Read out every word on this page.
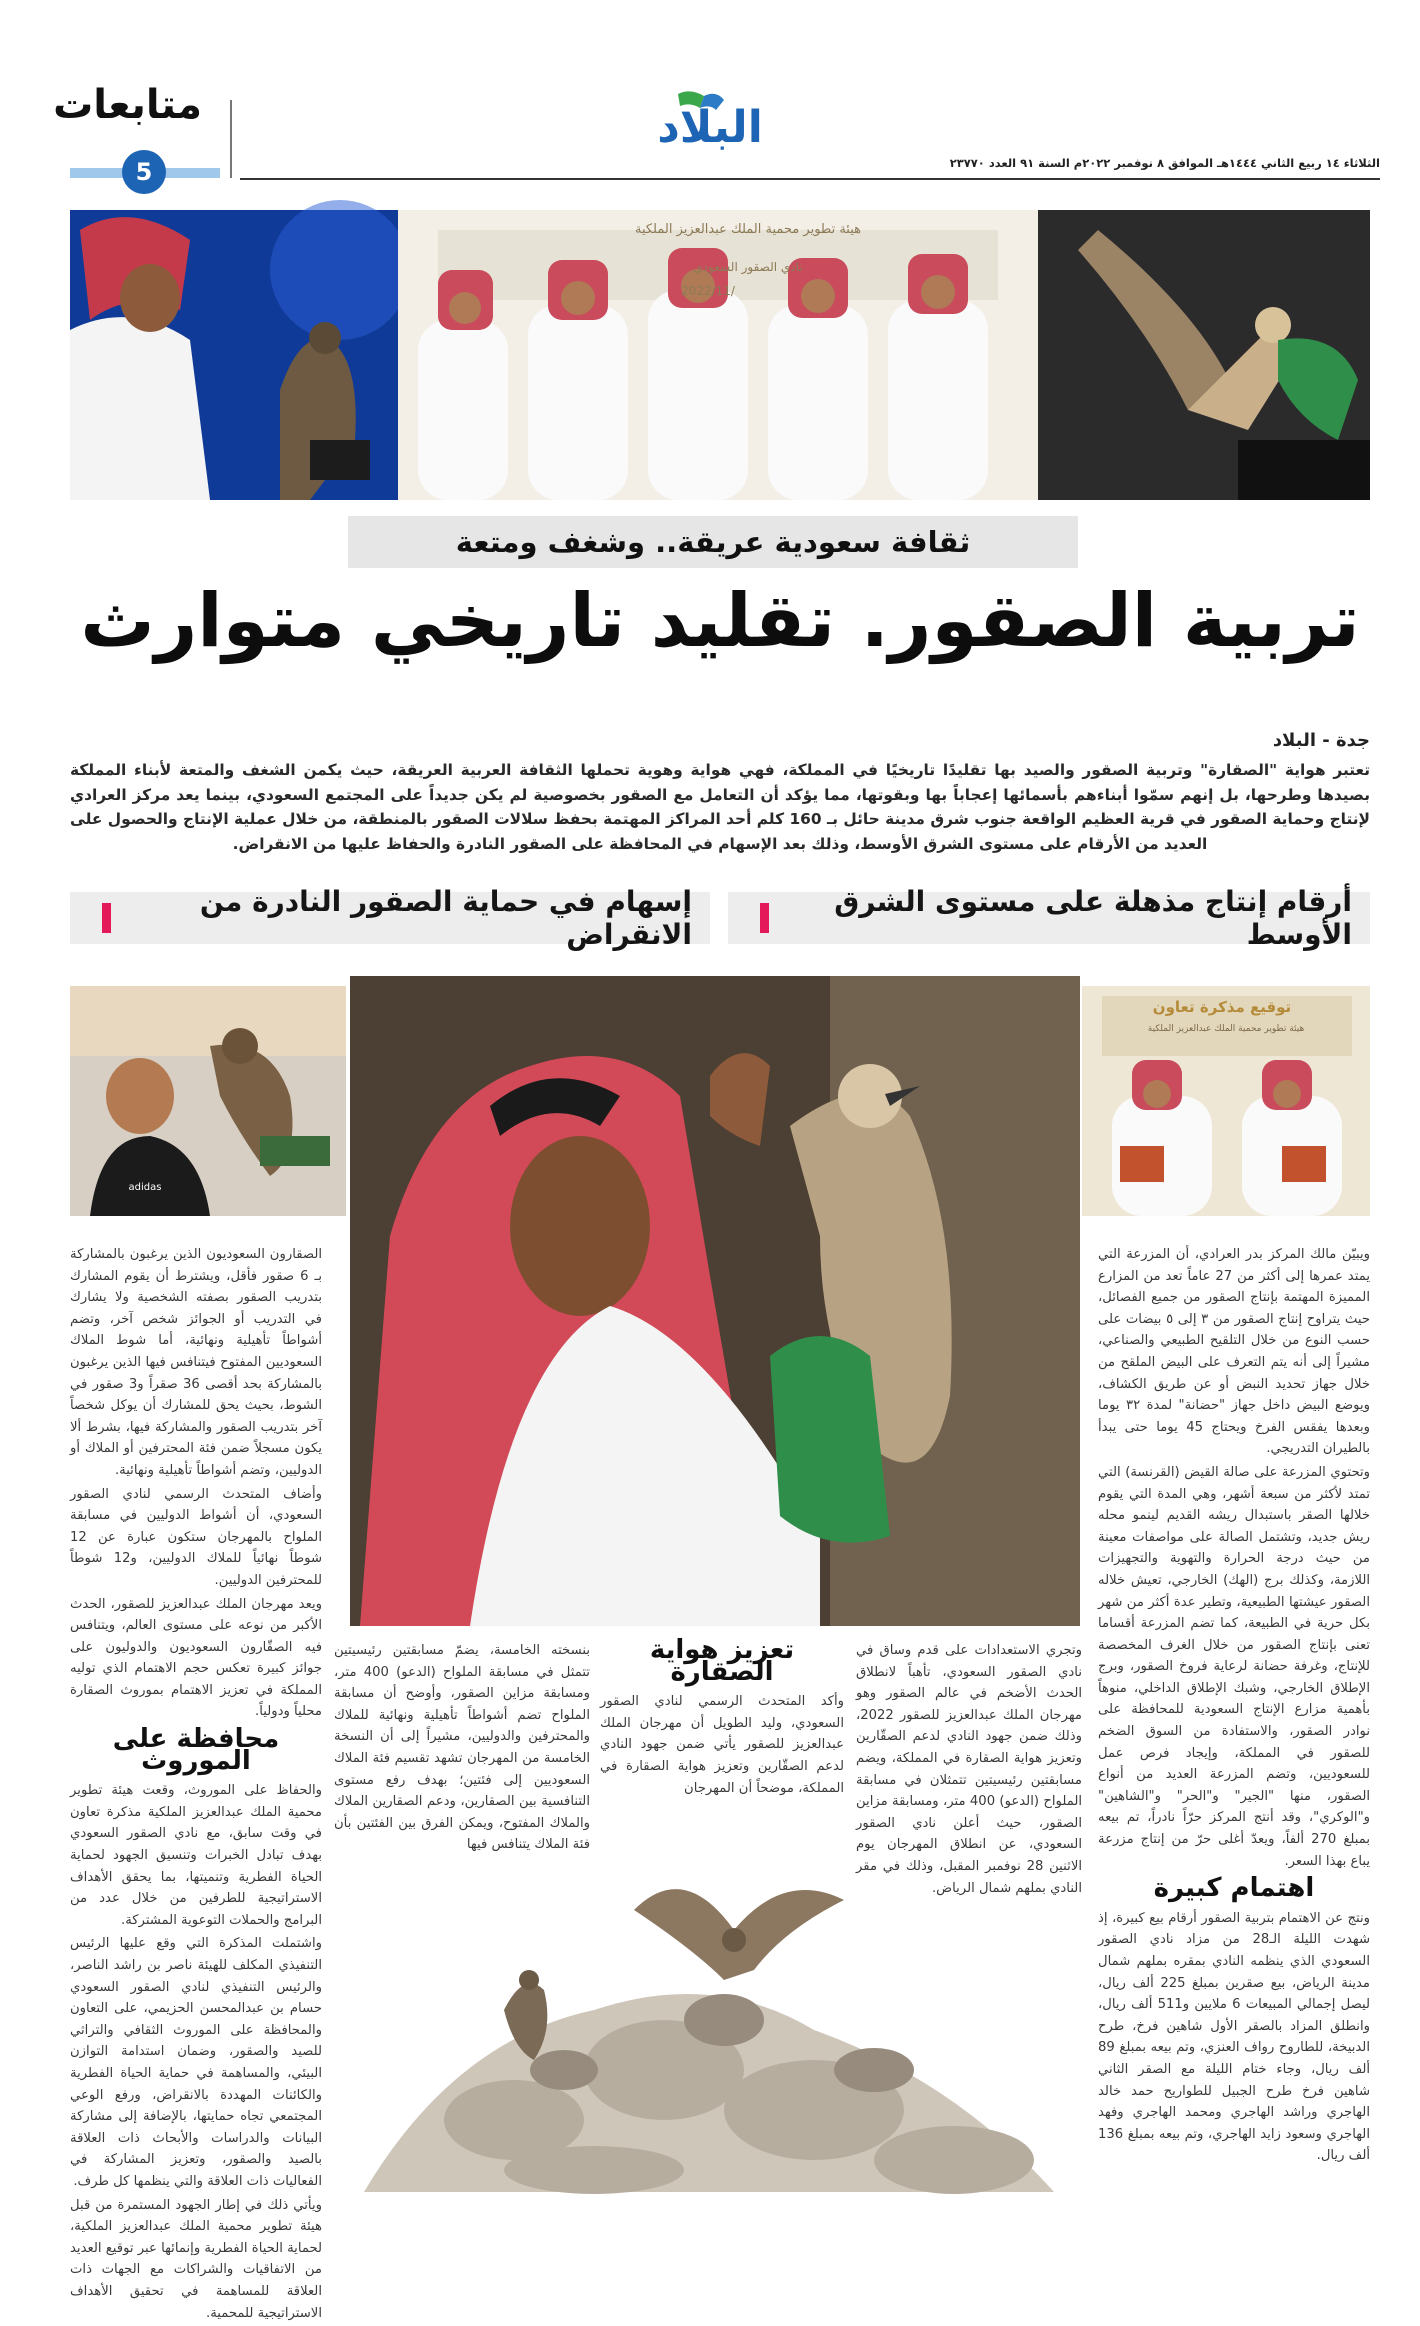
متابعات
5
البلاد
الثلاثاء ١٤ ربيع الثاني ١٤٤٤هـ الموافق ٨ نوفمبر ٢٠٢٢م السنة ٩١ العدد ٢٣٧٧٠
هيئة تطوير محمية الملك عبدالعزيز الملكية
نادي الصقور السعودي
2022/11/
ثقافة سعودية عريقة.. وشغف ومتعة
تربية الصقور. تقليد تاريخي متوارث
جدة - البلاد
تعتبر هواية "الصقارة" وتربية الصقور والصيد بها تقليدًا تاريخيًا في المملكة، فهي هواية وهوية تحملها الثقافة العربية العريقة، حيث يكمن الشغف والمتعة لأبناء المملكة بصيدها وطرحها، بل إنهم سمّوا أبناءهم بأسمائها إعجاباً بها وبقوتها، مما يؤكد أن التعامل مع الصقور بخصوصية لم يكن جديداً على المجتمع السعودي، بينما يعد مركز العرادي لإنتاج وحماية الصقور في قرية العظيم الواقعة جنوب شرق مدينة حائل بـ 160 كلم أحد المراكز المهتمة بحفظ سلالات الصقور بالمنطقة، من خلال عملية الإنتاج والحصول على العديد من الأرقام على مستوى الشرق الأوسط، وذلك بعد الإسهام في المحافظة على الصقور النادرة والحفاظ عليها من الانقراض.
أرقام إنتاج مذهلة على مستوى الشرق الأوسط
إسهام في حماية الصقور النادرة من الانقراض
توقيع مذكرة تعاون
هيئة تطوير محمية الملك عبدالعزيز الملكية
adidas

ويبيّن مالك المركز بدر العرادي، أن المزرعة التي يمتد عمرها إلى أكثر من 27 عاماً تعد من المزارع المميزة المهتمة بإنتاج الصقور من جميع الفصائل، حيث يتراوح إنتاج الصقور من ٣ إلى ٥ بيضات على حسب النوع من خلال التلقيح الطبيعي والصناعي، مشيراً إلى أنه يتم التعرف على البيض الملقح من خلال جهاز تحديد النبض أو عن طريق الكشاف، ويوضع البيض داخل جهاز "حضانة" لمدة ٣٢ يوما وبعدها يفقس الفرخ ويحتاج 45 يوما حتى يبدأ بالطيران التدريجي.

وتحتوي المزرعة على صالة القيض (القرنسة) التي تمتد لأكثر من سبعة أشهر، وهي المدة التي يقوم خلالها الصقر باستبدال ريشه القديم لينمو محله ريش جديد، وتشتمل الصالة على مواصفات معينة من حيث درجة الحرارة والتهوية والتجهيزات اللازمة، وكذلك برج (الهك) الخارجي، تعيش خلاله الصقور عيشتها الطبيعية، وتطير عدة أكثر من شهر بكل حرية في الطبيعة، كما تضم المزرعة أقساما تعنى بإنتاج الصقور من خلال الغرف المخصصة للإنتاج، وغرفة حضانة لرعاية فروخ الصقور، وبرج الإطلاق الخارجي، وشبك الإطلاق الداخلي، منوهاً بأهمية مزارع الإنتاج السعودية للمحافظة على نوادر الصقور، والاستفادة من السوق الضخم للصقور في المملكة، وإيجاد فرص عمل للسعوديين، وتضم المزرعة العديد من أنواع الصقور، منها "الجير" و"الحر" و"الشاهين" و"الوكري"، وقد أنتج المركز حرّاً نادراً، تم بيعه بمبلغ 270 ألفاً، ويعدّ أغلى حرّ من إنتاج مزرعة يباع بهذا السعر.

اهتمام كبيرة

ونتج عن الاهتمام بتربية الصقور أرقام بيع كبيرة، إذ شهدت الليلة الـ28 من مزاد نادي الصقور السعودي الذي ينظمه النادي بمقره بملهم شمال مدينة الرياض، بيع صقرين بمبلغ 225 ألف ريال، ليصل إجمالي المبيعات 6 ملايين و511 ألف ريال، وانطلق المزاد بالصقر الأول شاهين فرخ، طرح الدبيخة، للطاروح رواف العنزي، وتم بيعه بمبلغ 89 ألف ريال، وجاء ختام الليلة مع الصقر الثاني شاهين فرخ طرح الجبيل للطواريح حمد خالد الهاجري وراشد الهاجري ومحمد الهاجري وفهد الهاجري وسعود زايد الهاجري، وتم بيعه بمبلغ 136 ألف ريال.

وتجري الاستعدادات على قدم وساق في نادي الصقور السعودي، تأهباً لانطلاق الحدث الأضخم في عالم الصقور وهو مهرجان الملك عبدالعزيز للصقور 2022، وذلك ضمن جهود النادي لدعم الصقّارين وتعزيز هواية الصقارة في المملكة، ويضم مسابقتين رئيسيتين تتمثلان في مسابقة الملواح (الدعو) 400 متر، ومسابقة مزاين الصقور، حيث أعلن نادي الصقور السعودي، عن انطلاق المهرجان يوم الاثنين 28 نوفمبر المقبل، وذلك في مقر النادي بملهم شمال الرياض.

تعزيز هواية الصقارة

وأكد المتحدث الرسمي لنادي الصقور السعودي، وليد الطويل أن مهرجان الملك عبدالعزيز للصقور يأتي ضمن جهود النادي لدعم الصقّارين وتعزيز هواية الصقارة في المملكة، موضحاً أن المهرجان

بنسخته الخامسة، يضمّ مسابقتين رئيسيتين تتمثل في مسابقة الملواح (الدعو) 400 متر، ومسابقة مزاين الصقور، وأوضح أن مسابقة الملواح تضم أشواطاً تأهيلية ونهائية للملاك والمحترفين والدوليين، مشيراً إلى أن النسخة الخامسة من المهرجان تشهد تقسيم فئة الملاك السعوديين إلى فئتين؛ بهدف رفع مستوى التنافسية بين الصقارين، ودعم الصقارين الملاك والملاك المفتوح، ويمكن الفرق بين الفئتين بأن فئة الملاك يتنافس فيها

الصقارون السعوديون الذين يرغبون بالمشاركة بـ 6 صقور فأقل، ويشترط أن يقوم المشارك بتدريب الصقور بصفته الشخصية ولا يشارك في التدريب أو الجوائز شخص آخر، وتضم أشواطاً تأهيلية ونهائية، أما شوط الملاك السعوديين المفتوح فيتنافس فيها الذين يرغبون بالمشاركة بحد أقصى 36 صقراً و3 صقور في الشوط، بحيث يحق للمشارك أن يوكل شخصاً آخر بتدريب الصقور والمشاركة فيها، بشرط ألا يكون مسجلاً ضمن فئة المحترفين أو الملاك أو الدوليين، وتضم أشواطاً تأهيلية ونهائية.

وأضاف المتحدث الرسمي لنادي الصقور السعودي، أن أشواط الدوليين في مسابقة الملواح بالمهرجان ستكون عبارة عن 12 شوطاً نهائياً للملاك الدوليين، و12 شوطاً للمحترفين الدوليين.

ويعد مهرجان الملك عبدالعزيز للصقور، الحدث الأكبر من نوعه على مستوى العالم، ويتنافس فيه الصقّارون السعوديون والدوليون على جوائز كبيرة تعكس حجم الاهتمام الذي توليه المملكة في تعزيز الاهتمام بموروث الصقارة محلياً ودولياً.

محافظة على الموروث

والحفاظ على الموروث، وقعت هيئة تطوير محمية الملك عبدالعزيز الملكية مذكرة تعاون في وقت سابق، مع نادي الصقور السعودي بهدف تبادل الخبرات وتنسيق الجهود لحماية الحياة الفطرية وتنميتها، بما يحقق الأهداف الاستراتيجية للطرفين من خلال عدد من البرامج والحملات التوعوية المشتركة.

واشتملت المذكرة التي وقع عليها الرئيس التنفيذي المكلف للهيئة ناصر بن راشد الناصر، والرئيس التنفيذي لنادي الصقور السعودي حسام بن عبدالمحسن الحزيمي، على التعاون والمحافظة على الموروث الثقافي والتراثي للصيد والصقور، وضمان استدامة التوازن البيئي، والمساهمة في حماية الحياة الفطرية والكائنات المهددة بالانقراض، ورفع الوعي المجتمعي تجاه حمايتها، بالإضافة إلى مشاركة البيانات والدراسات والأبحاث ذات العلاقة بالصيد والصقور، وتعزيز المشاركة في الفعاليات ذات العلاقة والتي ينظمها كل طرف.

ويأتي ذلك في إطار الجهود المستمرة من قبل هيئة تطوير محمية الملك عبدالعزيز الملكية، لحماية الحياة الفطرية وإنمائها عبر توقيع العديد من الاتفاقيات والشراكات مع الجهات ذات العلاقة للمساهمة في تحقيق الأهداف الاستراتيجية للمحمية.
